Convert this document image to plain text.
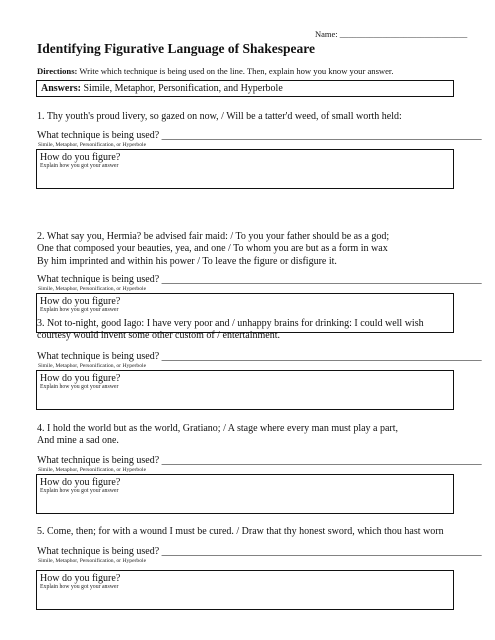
Name: ______________________________
Identifying Figurative Language of Shakespeare
Directions: Write which technique is being used on the line. Then, explain how you know your answer.
Answers: Simile, Metaphor, Personification, and Hyperbole
1. Thy youth's proud livery, so gazed on now, / Will be a tatter'd weed, of small worth held:
What technique is being used? ________________________________________________________________
Simile, Metaphor, Personification, or Hyperbole
How do you figure?
Explain how you got your answer
2. What say you, Hermia? be advised fair maid: / To you your father should be as a god;
One that composed your beauties, yea, and one / To whom you are but as a form in wax
By him imprinted and within his power / To leave the figure or disfigure it.
What technique is being used? ________________________________________________________________
Simile, Metaphor, Personification, or Hyperbole
How do you figure?
Explain how you got your answer
3. Not to-night, good Iago: I have very poor and / unhappy brains for drinking: I could well wish
courtesy would invent some other custom of / entertainment.
What technique is being used? ________________________________________________________________
Simile, Metaphor, Personification, or Hyperbole
How do you figure?
Explain how you got your answer
4. I hold the world but as the world, Gratiano; / A stage where every man must play a part,
And mine a sad one.
What technique is being used? ________________________________________________________________
Simile, Metaphor, Personification, or Hyperbole
How do you figure?
Explain how you got your answer
5. Come, then; for with a wound I must be cured. / Draw that thy honest sword, which thou hast worn
What technique is being used? ________________________________________________________________
Simile, Metaphor, Personification, or Hyperbole
How do you figure?
Explain how you got your answer
